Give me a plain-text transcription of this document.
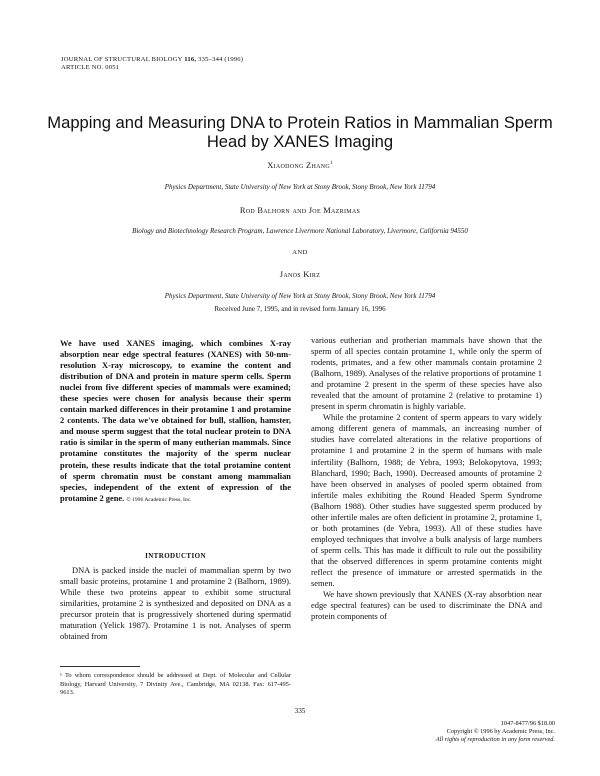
JOURNAL OF STRUCTURAL BIOLOGY 116, 335–344 (1996)
ARTICLE NO. 0051
Mapping and Measuring DNA to Protein Ratios in Mammalian Sperm
Head by XANES Imaging
Xiaodong Zhang$^1$
Physics Department, State University of New York at Stony Brook, Stony Brook, New York 11794
Rod Balhorn and Joe Mazrimas
Biology and Biotechnology Research Program, Lawrence Livermore National Laboratory, Livermore, California 94550
AND
Janos Kirz
Physics Department, State University of New York at Stony Brook, Stony Brook, New York 11794
Received June 7, 1995, and in revised form January 16, 1996
We have used XANES imaging, which combines X-ray absorption near edge spectral features (XANES) with 50-nm-resolution X-ray microscopy, to examine the content and distribution of DNA and protein in mature sperm cells. Sperm nuclei from five different species of mammals were examined; these species were chosen for analysis because their sperm contain marked differences in their protamine 1 and protamine 2 contents. The data we've obtained for bull, stallion, hamster, and mouse sperm suggest that the total nuclear protein to DNA ratio is similar in the sperm of many eutherian mammals. Since protamine constitutes the majority of the sperm nuclear protein, these results indicate that the total protamine content of sperm chromatin must be constant among mammalian species, independent of the extent of expression of the protamine 2 gene. © 1996 Academic Press, Inc.
INTRODUCTION

DNA is packed inside the nuclei of mammalian sperm by two small basic proteins, protamine 1 and protamine 2 (Balhorn, 1989). While these two proteins appear to exhibit some structural similarities, protamine 2 is synthesized and deposited on DNA as a precursor protein that is progressively shortened during spermatid maturation (Yelick 1987). Protamine 1 is not. Analyses of sperm obtained from

¹ To whom correspondence should be addressed at Dept. of Molecular and Cellular Biology, Harvard University, 7 Divinity Ave., Cambridge, MA 02138. Fax: 617-495-9613.

various eutherian and protherian mammals have shown that the sperm of all species contain protamine 1, while only the sperm of rodents, primates, and a few other mammals contain protamine 2 (Balhorn, 1989). Analyses of the relative proportions of protamine 1 and protamine 2 present in the sperm of these species have also revealed that the amount of protamine 2 (relative to protamine 1) present in sperm chromatin is highly variable.

While the protamine 2 content of sperm appears to vary widely among different genera of mammals, an increasing number of studies have correlated alterations in the relative proportions of protamine 1 and protamine 2 in the sperm of humans with male infertility (Balhorn, 1988; de Yebra, 1993; Belokopytova, 1993; Blanchard, 1990; Bach, 1990). Decreased amounts of protamine 2 have been observed in analyses of pooled sperm obtained from infertile males exhibiting the Round Headed Sperm Syndrome (Balhorn 1988). Other studies have suggested sperm produced by other infertile males are often deficient in protamine 2, protamine 1, or both protamines (de Yebra, 1993). All of these studies have employed techniques that involve a bulk analysis of large numbers of sperm cells. This has made it difficult to rule out the possibility that the observed differences in sperm protamine contents might reflect the presence of immature or arrested spermatids in the semen.

We have shown previously that XANES (X-ray absorbtion near edge spectral features) can be used to discriminate the DNA and protein components of

335
1047-8477/96 $18.00
Copyright © 1996 by Academic Press, Inc.
All rights of reproduction in any form reserved.
